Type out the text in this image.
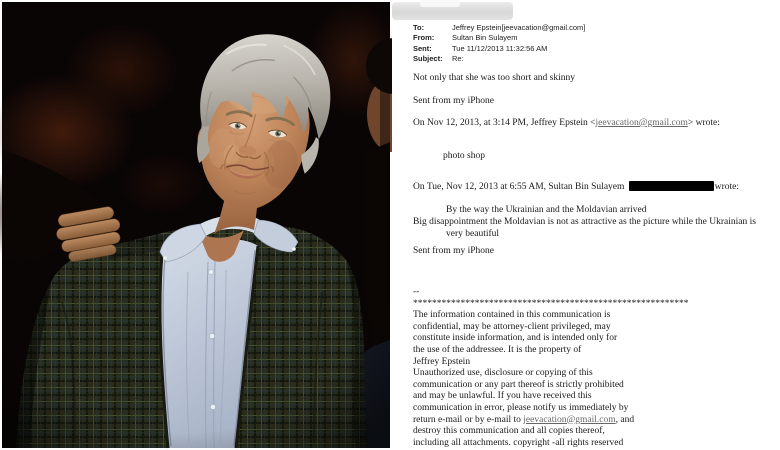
To:	Jeffrey Epstein[jeevacation@gmail.com]
From:	Sultan Bin Sulayem
Sent:	Tue 11/12/2013 11:32:56 AM
Subject:	Re:
Not only that she was too short and skinny
Sent from my iPhone
On Nov 12, 2013, at 3:14 PM, Jeffrey Epstein <jeevacation@gmail.com> wrote:
photo shop
On Tue, Nov 12, 2013 at 6:55 AM, Sultan Bin Sulayem	wrote:
By the way the Ukrainian and the Moldavian arrived
Big disappointment the Moldavian is not as attractive as the picture while the Ukrainian is
very beautiful
Sent from my iPhone
--
**********************************************************
The information contained in this communication is
confidential, may be attorney-client privileged, may
constitute inside information, and is intended only for
the use of the addressee. It is the property of
Jeffrey Epstein
Unauthorized use, disclosure or copying of this
communication or any part thereof is strictly prohibited
and may be unlawful. If you have received this
communication in error, please notify us immediately by
return e-mail or by e-mail to jeevacation@gmail.com, and
destroy this communication and all copies thereof,
including all attachments. copyright -all rights reserved
